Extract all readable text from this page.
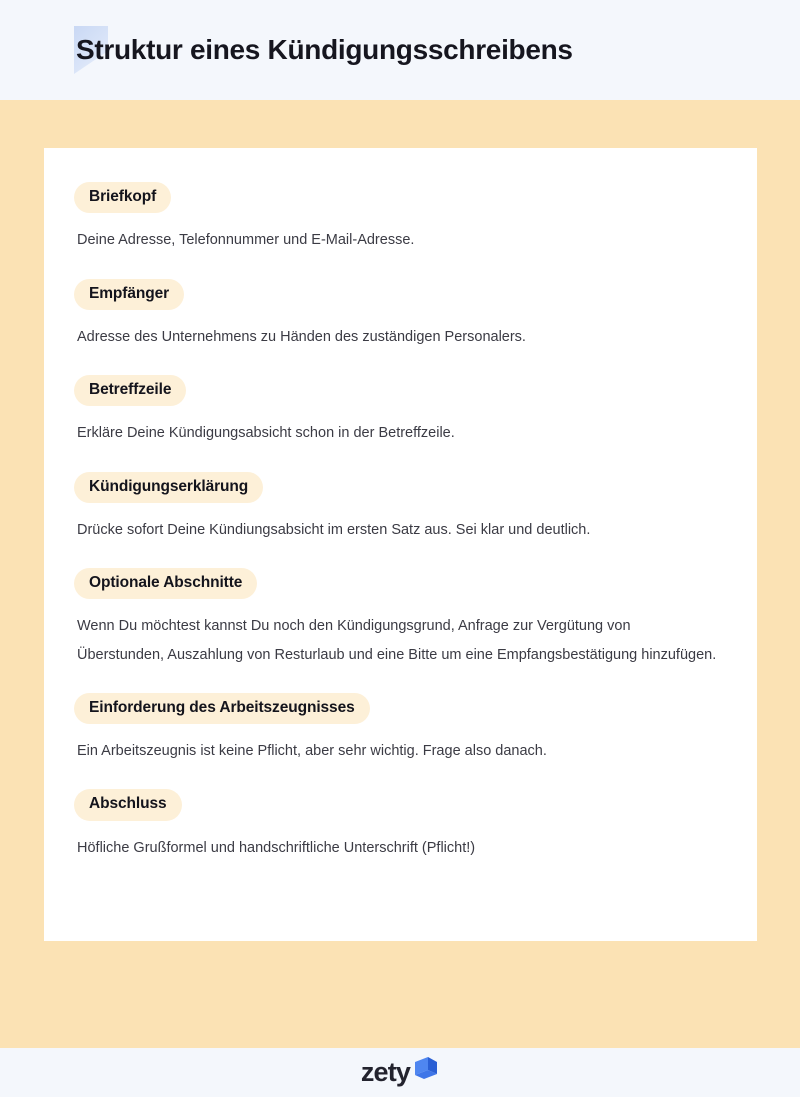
Struktur eines Kündigungsschreibens
Briefkopf

Deine Adresse, Telefonnummer und E-Mail-Adresse.

Empfänger

Adresse des Unternehmens zu Händen des zuständigen Personalers.

Betreffzeile

Erkläre Deine Kündigungsabsicht schon in der Betreffzeile.

Kündigungserklärung

Drücke sofort Deine Kündiungsabsicht im ersten Satz aus. Sei klar und deutlich.

Optionale Abschnitte

Wenn Du möchtest kannst Du noch den Kündigungsgrund, Anfrage zur Vergütung von Überstunden, Auszahlung von Resturlaub und eine Bitte um eine Empfangsbestätigung hinzufügen.

Einforderung des Arbeitszeugnisses

Ein Arbeitszeugnis ist keine Pflicht, aber sehr wichtig. Frage also danach.

Abschluss

Höfliche Grußformel und handschriftliche Unterschrift (Pflicht!)

zety
